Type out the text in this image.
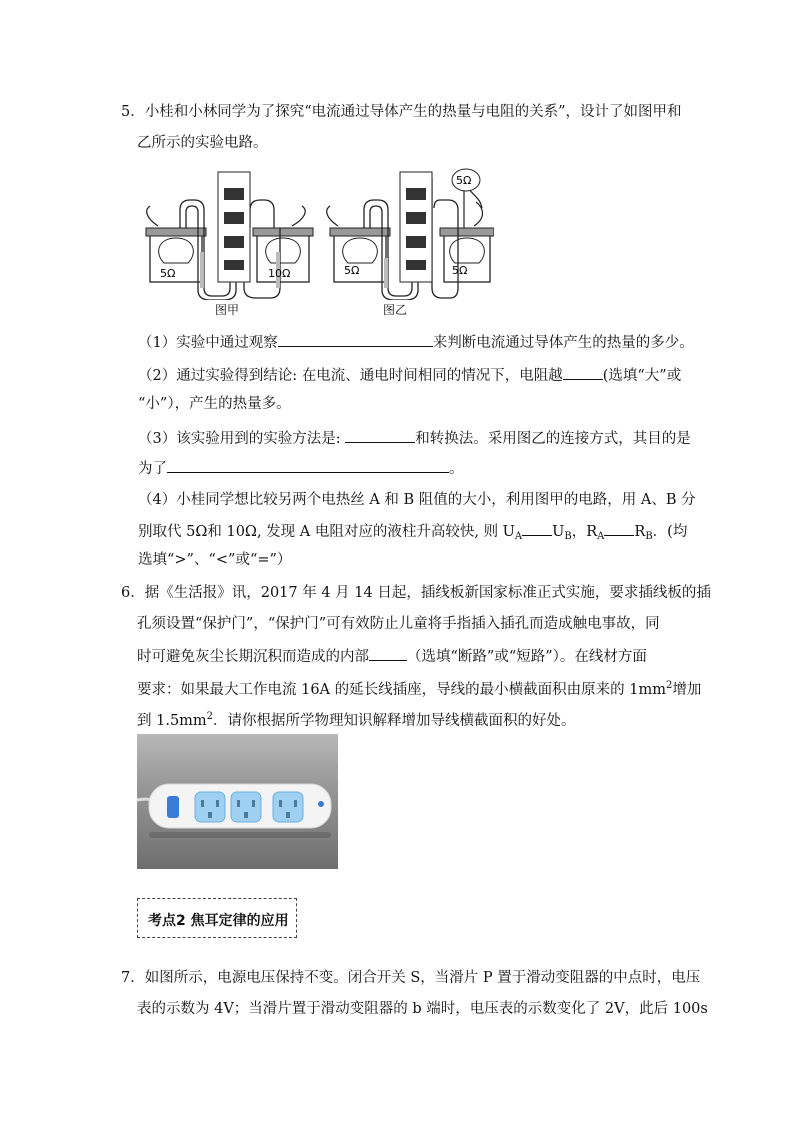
5．小桂和小林同学为了探究“电流通过导体产生的热量与电阻的关系”，设计了如图甲和
乙所示的实验电路。
5Ω	10Ω
5Ω
5Ω	5Ω
图甲	图乙
（1）实验中通过观察	来判断电流通过导体产生的热量的多少。
（2）通过实验得到结论: 在电流、通电时间相同的情况下，电阻越	(选填“大”或
“小”），产生的热量多。
（3）该实验用到的实验方法是:	和转换法。采用图乙的连接方式，其目的是
为了	。
（4）小桂同学想比较另两个电热丝 A 和 B 阻值的大小，利用图甲的电路，用 A、B 分
别取代 5Ω和 10Ω, 发现 A 电阻对应的液柱升高较快, 则 $U_A$ $U_B$，$R_A$ $R_B$．(均
选填“>”、“<”或“=”）
6．据《生活报》讯，2017 年 4 月 14 日起，插线板新国家标准正式实施，要求插线板的插
孔须设置“保护门”，“保护门”可有效防止儿童将手指插入插孔而造成触电事故，同
时可避免灰尘长期沉积而造成的内部	（选填“断路”或“短路”）。在线材方面
要求：如果最大工作电流 16A 的延长线插座，导线的最小横截面积由原来的 $1mm^2$增加
到 $1.5mm^2$．请你根据所学物理知识解释增加导线横截面积的好处。
考点2 焦耳定律的应用
7．如图所示，电源电压保持不变。闭合开关 S，当滑片 P 置于滑动变阻器的中点时，电压
表的示数为 4V；当滑片置于滑动变阻器的 b 端时，电压表的示数变化了 2V，此后 100s
